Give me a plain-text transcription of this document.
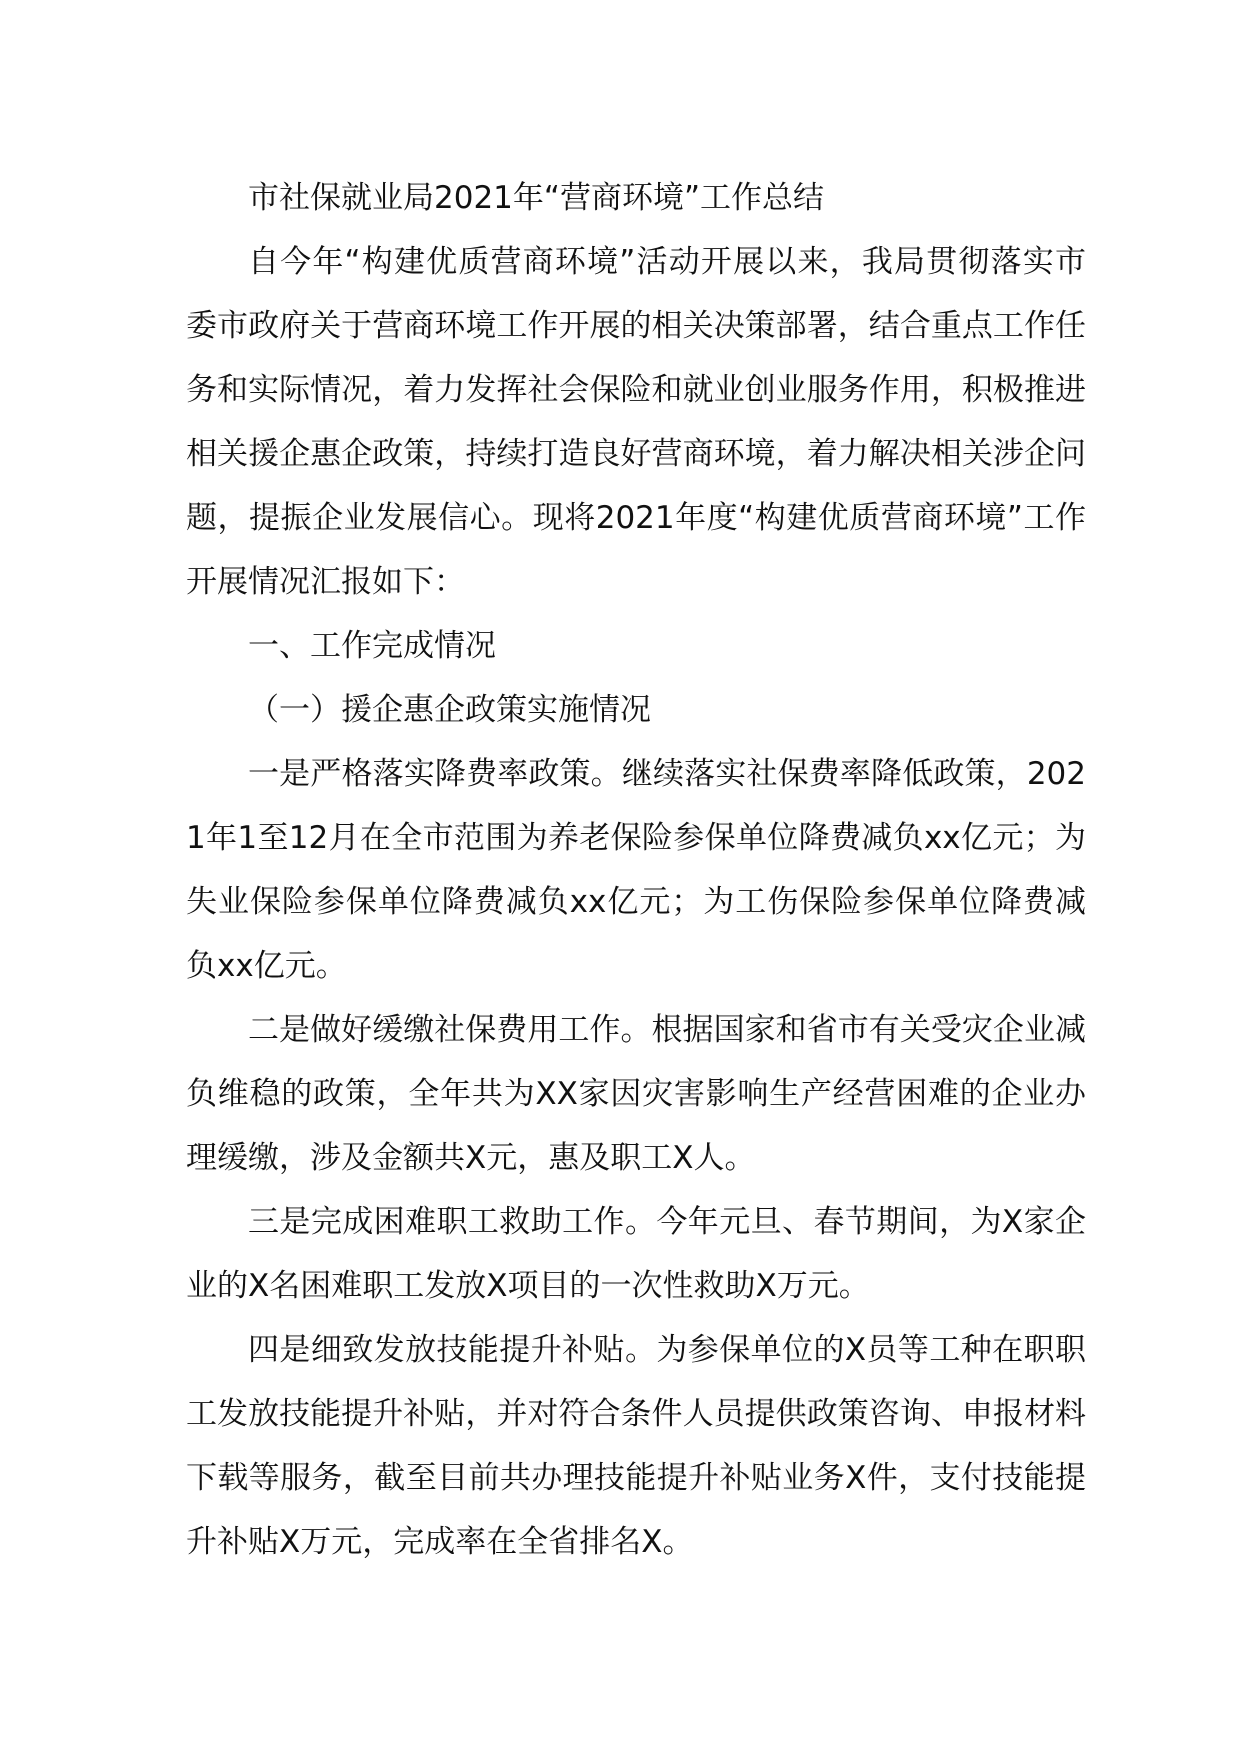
市社保就业局2021年“营商环境”工作总结

自今年“构建优质营商环境”活动开展以来，我局贯彻落实市委市政府关于营商环境工作开展的相关决策部署，结合重点工作任务和实际情况，着力发挥社会保险和就业创业服务作用，积极推进相关援企惠企政策，持续打造良好营商环境，着力解决相关涉企问题，提振企业发展信心。现将2021年度“构建优质营商环境”工作开展情况汇报如下：

一、工作完成情况

（一）援企惠企政策实施情况

一是严格落实降费率政策。继续落实社保费率降低政策，2021年1至12月在全市范围为养老保险参保单位降费减负xx亿元；为失业保险参保单位降费减负xx亿元；为工伤保险参保单位降费减负xx亿元。

二是做好缓缴社保费用工作。根据国家和省市有关受灾企业减负维稳的政策，全年共为XX家因灾害影响生产经营困难的企业办理缓缴，涉及金额共X元，惠及职工X人。

三是完成困难职工救助工作。今年元旦、春节期间，为X家企业的X名困难职工发放X项目的一次性救助X万元。

四是细致发放技能提升补贴。为参保单位的X员等工种在职职工发放技能提升补贴，并对符合条件人员提供政策咨询、申报材料下载等服务，截至目前共办理技能提升补贴业务X件，支付技能提升补贴X万元，完成率在全省排名X。
